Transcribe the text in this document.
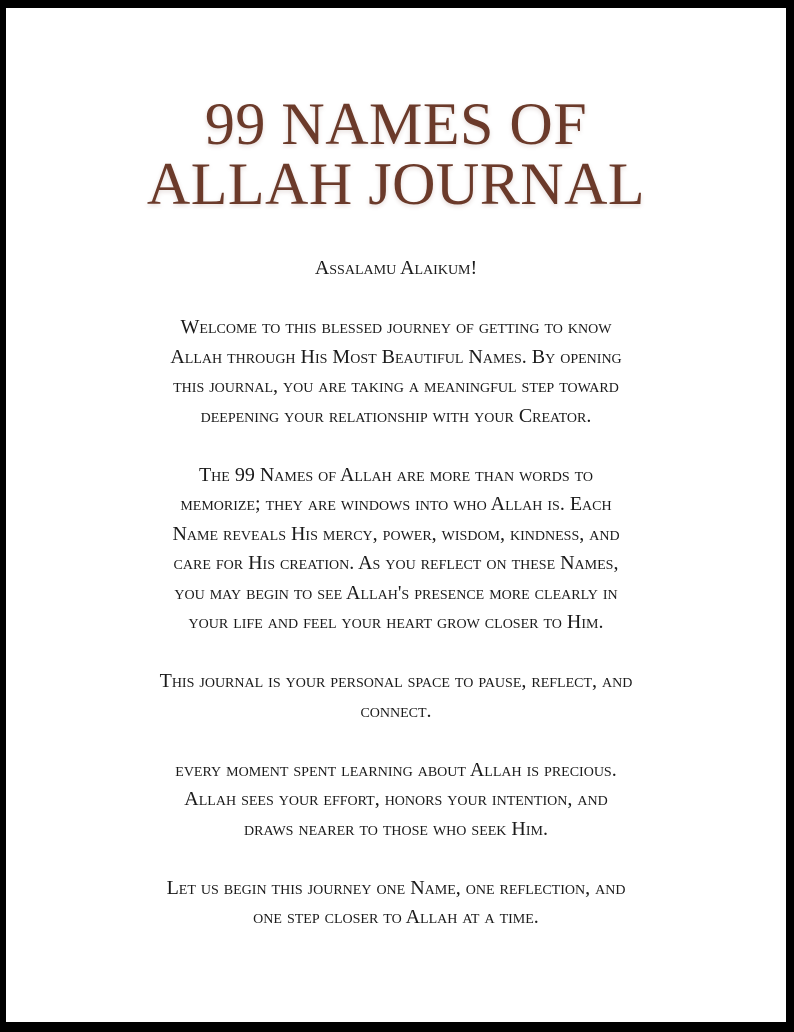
99 NAMES OF
ALLAH JOURNAL

Assalamu Alaikum!

Welcome to this blessed journey of getting to know
Allah through His Most Beautiful Names. By opening
this journal, you are taking a meaningful step toward
deepening your relationship with your Creator.

The 99 Names of Allah are more than words to
memorize; they are windows into who Allah is. Each
Name reveals His mercy, power, wisdom, kindness, and
care for His creation. As you reflect on these Names,
you may begin to see Allah's presence more clearly in
your life and feel your heart grow closer to Him.

This journal is your personal space to pause, reflect, and
connect.

every moment spent learning about Allah is precious.
Allah sees your effort, honors your intention, and
draws nearer to those who seek Him.

Let us begin this journey one Name, one reflection, and
one step closer to Allah at a time.
